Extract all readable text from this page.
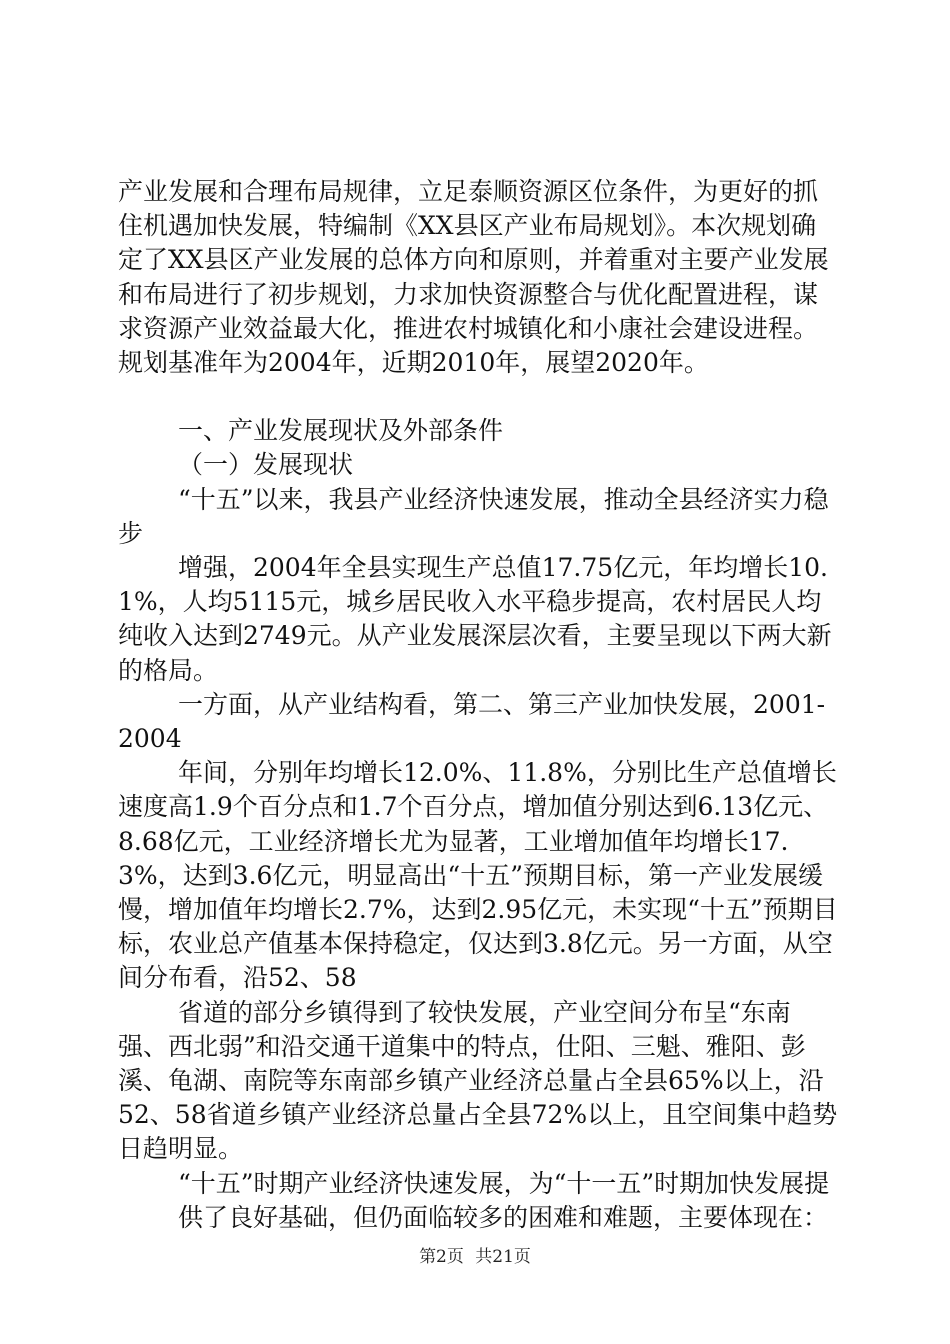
产业发展和合理布局规律，立足泰顺资源区位条件，为更好的抓住机遇加快发展，特编制《XX县区产业布局规划》。本次规划确定了XX县区产业发展的总体方向和原则，并着重对主要产业发展和布局进行了初步规划，力求加快资源整合与优化配置进程，谋求资源产业效益最大化，推进农村城镇化和小康社会建设进程。规划基准年为2004年，近期2010年，展望2020年。

一、产业发展现状及外部条件

（一）发展现状

“十五”以来，我县产业经济快速发展，推动全县经济实力稳步

增强，2004年全县实现生产总值17.75亿元，年均增长10.1%，人均5115元，城乡居民收入水平稳步提高，农村居民人均纯收入达到2749元。从产业发展深层次看，主要呈现以下两大新的格局。

一方面，从产业结构看，第二、第三产业加快发展，2001-2004

年间，分别年均增长12.0%、11.8%，分别比生产总值增长速度高1.9个百分点和1.7个百分点，增加值分别达到6.13亿元、8.68亿元，工业经济增长尤为显著，工业增加值年均增长17.3%，达到3.6亿元，明显高出“十五”预期目标，第一产业发展缓慢，增加值年均增长2.7%，达到2.95亿元，未实现“十五”预期目标，农业总产值基本保持稳定，仅达到3.8亿元。另一方面，从空间分布看，沿52、58

省道的部分乡镇得到了较快发展，产业空间分布呈“东南强、西北弱”和沿交通干道集中的特点，仕阳、三魁、雅阳、彭溪、龟湖、南院等东南部乡镇产业经济总量占全县65%以上，沿52、58省道乡镇产业经济总量占全县72%以上，且空间集中趋势日趋明显。

“十五”时期产业经济快速发展，为“十一五”时期加快发展提

供了良好基础，但仍面临较多的困难和难题，主要体现在：

第2页 共21页
